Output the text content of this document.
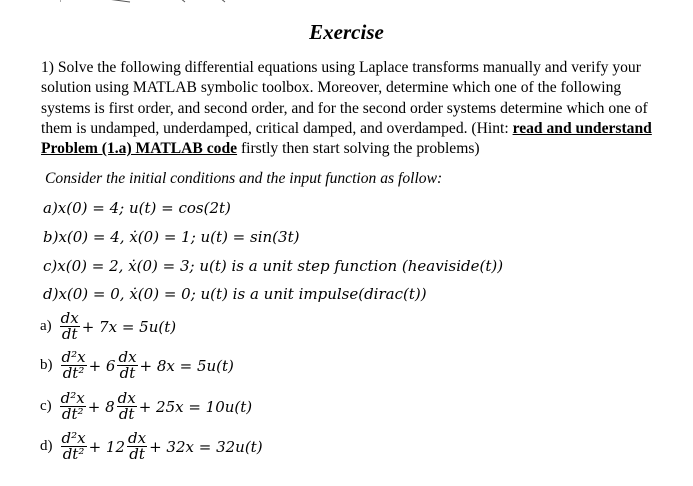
Exercise
1) Solve the following differential equations using Laplace transforms manually and verify your solution using MATLAB symbolic toolbox. Moreover, determine which one of the following systems is first order, and second order, and for the second order systems determine which one of them is undamped, underdamped, critical damped, and overdamped. (Hint: read and understand Problem (1.a) MATLAB code firstly then start solving the problems)
Consider the initial conditions and the input function as follow:
a)x(0) = 4; u(t) = cos(2t)
b)x(0) = 4, ẋ(0) = 1; u(t) = sin(3t)
c)x(0) = 2, ẋ(0) = 3; u(t) is a unit step function (heaviside(t))
d)x(0) = 0, ẋ(0) = 0; u(t) is a unit impulse(dirac(t))
$a) \frac{dx}{dt} + 7x = 5u(t)$
$b) \frac{\text{d²x}}{\text{dt²}} + 6 \frac{dx}{dt} + 8x = 5u(t)$
$c) \frac{\text{d²x}}{\text{dt²}} + 8 \frac{dx}{dt} + 25x = 10u(t)$
$d) \frac{\text{d²x}}{\text{dt²}} + 12 \frac{dx}{dt} + 32x = 32u(t)$
